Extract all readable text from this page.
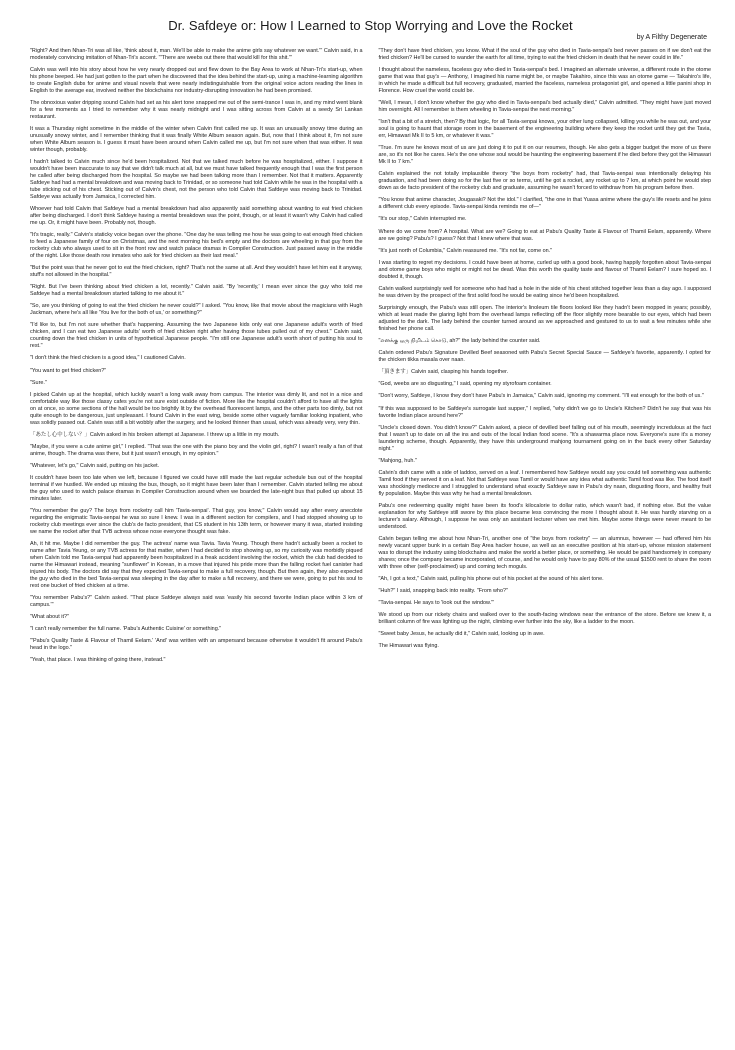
Dr. Safdeye or: How I Learned to Stop Worrying and Love the Rocket
by A Filthy Degenerate

"Right? And then Nhan-Tri was all like, 'think about it, man. We'll be able to make the anime girls say whatever we want.'" Calvin said, in a moderately convincing imitation of Nhan-Tri's accent. "'There are weebs out there that would kill for this shit.'"

Calvin was well into his story about how he very nearly dropped out and flew down to the Bay Area to work at Nhan-Tri's start-up, when his phone beeped. He had just gotten to the part when he discovered that the idea behind the start-up, using a machine-learning algorithm to create English dubs for anime and visual novels that were nearly indistinguishable from the original voice actors reading the lines in English to the average ear, involved neither the blockchains nor industry-disrupting innovation he had been promised.

The obnoxious water dripping sound Calvin had set as his alert tone snapped me out of the semi-trance I was in, and my mind went blank for a few moments as I tried to remember why it was nearly midnight and I was sitting across from Calvin at a seedy Sri Lankan restaurant.

It was a Thursday night sometime in the middle of the winter when Calvin first called me up. It was an unusually snowy time during an unusually snowy winter, and I remember thinking that it was finally White Album season again. But, now that I think about it, I'm not sure when White Album season is. I guess it must have been around when Calvin called me up, but I'm not sure when that was either. It was winter though, probably.

I hadn't talked to Calvin much since he'd been hospitalized. Not that we talked much before he was hospitalized, either. I suppose it wouldn't have been inaccurate to say that we didn't talk much at all, but we must have talked frequently enough that I was the first person he called after being discharged from the hospital. So maybe we had been talking more than I remember. Not that it matters. Apparently Safdeye had had a mental breakdown and was moving back to Trinidad, or so someone had told Calvin while he was in the hospital with a tube sticking out of his chest. Sticking out of Calvin's chest, not the person who told Calvin that Safdeye was moving back to Trinidad. Safdeye was actually from Jamaica, I corrected him.

Whoever had told Calvin that Safdeye had a mental breakdown had also apparently said something about wanting to eat fried chicken after being discharged. I don't think Safdeye having a mental breakdown was the point, though, or at least it wasn't why Calvin had called me up. Or, it might have been. Probably not, though.

"It's tragic, really." Calvin's staticky voice began over the phone. "One day he was telling me how he was going to eat enough fried chicken to feed a Japanese family of four on Christmas, and the next morning his bed's empty and the doctors are wheeling in that guy from the rocketry club who always used to sit in the front row and watch palace dramas in Compiler Construction. Just passed away in the middle of the night. Like those death row inmates who ask for fried chicken as their last meal."

"But the point was that he never got to eat the fried chicken, right? That's not the same at all. And they wouldn't have let him eat it anyway, stuff's not allowed in the hospital."

"Right. But I've been thinking about fried chicken a lot, recently." Calvin said. "By 'recently,' I mean ever since the guy who told me Safdeye had a mental breakdown started talking to me about it."

"So, are you thinking of going to eat the fried chicken he never could?" I asked. "You know, like that movie about the magicians with Hugh Jackman, where he's all like 'You live for the both of us,' or something?"

"I'd like to, but I'm not sure whether that's happening. Assuming the two Japanese kids only eat one Japanese adult's worth of fried chicken, and I can eat two Japanese adults' worth of fried chicken right after having those tubes pulled out of my chest." Calvin said, counting down the fried chicken in units of hypothetical Japanese people. "I'm still one Japanese adult's worth short of putting his soul to rest."

"I don't think the fried chicken is a good idea," I cautioned Calvin.

"You want to get fried chicken?"

"Sure."

I picked Calvin up at the hospital, which luckily wasn't a long walk away from campus. The interior was dimly lit, and not in a nice and comfortable way like those classy cafes you're not sure exist outside of fiction. More like the hospital couldn't afford to have all the lights on at once, so some sections of the hall would be too brightly lit by the overhead fluorescent lamps, and the other parts too dimly, but not quite enough to be dangerous, just unpleasant. I found Calvin in the east wing, beside some other vaguely familiar looking inpatient, who was solidly passed out. Calvin was still a bit wobbly after the surgery, and he looked thinner than usual, which was already very, very thin.

「あたし心中しない？」Calvin asked in his broken attempt at Japanese. I threw up a little in my mouth.

"Maybe, if you were a cute anime girl," I replied. "That was the one with the piano boy and the violin girl, right? I wasn't really a fan of that anime, though. The drama was there, but it just wasn't enough, in my opinion."

"Whatever, let's go," Calvin said, putting on his jacket.

It couldn't have been too late when we left, because I figured we could have still made the last regular schedule bus out of the hospital terminal if we hustled. We ended up missing the bus, though, so it might have been later than I remember. Calvin started telling me about the guy who used to watch palace dramas in Compiler Construction around when we boarded the late-night bus that pulled up about 15 minutes later.

"You remember the guy? The boys from rocketry call him 'Tavia-senpai'. That guy, you know," Calvin would say after every anecdote regarding the enigmatic Tavia-senpai he was so sure I knew. I was in a different section for compilers, and I had stopped showing up to rocketry club meetings ever since the club's de facto president, that CS student in his 13th term, or however many it was, started insisting we name the rocket after that TVB actress whose nose everyone thought was fake.

Ah, it hit me. Maybe I did remember the guy. The actress' name was Tavia. Tavia Yeung. Though there hadn't actually been a rocket to name after Tavia Yeung, or any TVB actress for that matter, when I had decided to stop showing up, so my curiosity was morbidly piqued when Calvin told me Tavia-senpai had apparently been hospitalized in a freak accident involving the rocket, which the club had decided to name the Himawari instead, meaning "sunflower" in Korean, in a move that injured his pride more than the falling rocket fuel canister had injured his body. The doctors did say that they expected Tavia-senpai to make a full recovery, though. But then again, they also expected the guy who died in the bed Tavia-senpai was sleeping in the day after to make a full recovery, and there we were, going to put his soul to rest one bucket of fried chicken at a time.

"You remember Pabu's?" Calvin asked. "That place Safdeye always said was 'easily his second favorite Indian place within 3 km of campus.'"

"What about it?"

"I can't really remember the full name. 'Pabu's Authentic Cuisine' or something."

"'Pabu's Quality Taste & Flavour of Thamil Eelam.' 'And' was written with an ampersand because otherwise it wouldn't fit around Pabu's head in the logo."

"Yeah, that place. I was thinking of going there, instead."

"They don't have fried chicken, you know. What if the soul of the guy who died in Tavia-senpai's bed never passes on if we don't eat the fried chicken? He'll be cursed to wander the earth for all time, trying to eat the fried chicken in death that he never could in life."

I thought about the nameless, faceless guy who died in Tavia-senpai's bed. I imagined an alternate universe, a different route in the otome game that was that guy's — Anthony, I imagined his name might be, or maybe Takahiro, since this was an otome game — Takahiro's life, in which he made a difficult but full recovery, graduated, married the faceless, nameless protagonist girl, and opened a little panini shop in Florence. How cruel the world could be.

"Well, I mean, I don't know whether the guy who died in Tavia-senpai's bed actually died," Calvin admitted. "They might have just moved him overnight. All I remember is them wheeling in Tavia-senpai the next morning."

"Isn't that a bit of a stretch, then? By that logic, for all Tavia-senpai knows, your other lung collapsed, killing you while he was out, and your soul is going to haunt that storage room in the basement of the engineering building where they keep the rocket until they get the Tavia, err, Himawari Mk II to 5 km, or whatever it was."

"True. I'm sure he knows most of us are just doing it to put it on our resumes, though. He also gets a bigger budget the more of us there are, so it's not like he cares. He's the one whose soul would be haunting the engineering basement if he died before they got the Himawari Mk II to 7 km."

Calvin explained the not totally implausible theory "the boys from rocketry" had, that Tavia-senpai was intentionally delaying his graduation, and had been doing so for the last five or so terms, until he got a rocket, any rocket up to 7 km, at which point he would step down as de facto president of the rocketry club and graduate, assuming he wasn't forced to withdraw from his program before then.

"You know that anime character, Jougasaki? Not the idol." I clarified, "the one in that Yuasa anime where the guy's life resets and he joins a different club every episode. Tavia-senpai kinda reminds me of—"

"It's our stop," Calvin interrupted me.

Where do we come from? A hospital. What are we? Going to eat at Pabu's Quality Taste & Flavour of Thamil Eelam, apparently. Where are we going? Pabu's? I guess? Not that I knew where that was.

"It's just north of Columbia," Calvin reassured me. "It's not far, come on."

I was starting to regret my decisions. I could have been at home, curled up with a good book, having happily forgotten about Tavia-senpai and otome game boys who might or might not be dead. Was this worth the quality taste and flavour of Thamil Eelam? I sure hoped so. I doubted it, though.

Calvin walked surprisingly well for someone who had had a hole in the side of his chest stitched together less than a day ago. I supposed he was driven by the prospect of the first solid food he would be eating since he'd been hospitalized.

Surprisingly enough, the Pabu's was still open. The interior's linoleum tile floors looked like they hadn't been mopped in years; possibly, which at least made the glaring light from the overhead lamps reflecting off the floor slightly more bearable to our eyes, which had been adjusted to the dark. The lady behind the counter turned around as we approached and gestured to us to wait a few minutes while she finished her phone call.

"எனக்கு ஒரு நிமிடம் கொடு, ah?" the lady behind the counter said.

Calvin ordered Pabu's Signature Devilled Beef seasoned with Pabu's Secret Special Sauce — Safdeye's favorite, apparently. I opted for the chicken tikka masala over naan.

「頂きます」Calvin said, clasping his hands together.

"God, weebs are so disgusting," I said, opening my styrofoam container.

"Don't worry, Safdeye, I know they don't have Pabu's in Jamaica," Calvin said, ignoring my comment. "I'll eat enough for the both of us."

"If this was supposed to be Safdeye's surrogate last supper," I replied, "why didn't we go to Uncle's Kitchen? Didn't he say that was his favorite Indian place around here?"

"Uncle's closed down. You didn't know?" Calvin asked, a piece of devilled beef falling out of his mouth, seemingly incredulous at the fact that I wasn't up to date on all the ins and outs of the local Indian food scene. "It's a shawarma place now. Everyone's sure it's a money laundering scheme, though. Apparently, they have this underground mahjong tournament going on in the back every other Saturday night."

"Mahjong, huh."

Calvin's dish came with a side of laddoo, served on a leaf. I remembered how Safdeye would say you could tell something was authentic Tamil food if they served it on a leaf. Not that Safdeye was Tamil or would have any idea what authentic Tamil food was like. The food itself was shockingly mediocre and I struggled to understand what exactly Safdeye saw in Pabu's dry naan, disgusting floors, and healthy fruit fly population. Maybe this was why he had a mental breakdown.

Pabu's one redeeming quality might have been its food's kilocalorie to dollar ratio, which wasn't bad, if nothing else. But the value explanation for why Safdeye still swore by this place became less convincing the more I thought about it. He was hardly starving on a lecturer's salary. Although, I suppose he was only an assistant lecturer when we met him. Maybe some things were never meant to be understood.

Calvin began telling me about how Nhan-Tri, another one of "the boys from rocketry" — an alumnus, however — had offered him his newly vacant upper bunk in a certain Bay Area hacker house, as well as an executive position at his start-up, whose mission statement was to disrupt the industry using blockchains and make the world a better place, or something. He would be paid handsomely in company shares; once the company became incorporated, of course, and he would only have to pay 80% of the usual $1500 rent to share the room with three other (self-proclaimed) up and coming tech moguls.

"Ah, I got a text," Calvin said, pulling his phone out of his pocket at the sound of his alert tone.

"Huh?" I said, snapping back into reality. "From who?"

"Tavia-senpai. He says to 'look out the window.'"

We stood up from our rickety chairs and walked over to the south-facing windows near the entrance of the store. Before we knew it, a brilliant column of fire was lighting up the night, climbing ever further into the sky, like a ladder to the moon.

"Sweet baby Jesus, he actually did it," Calvin said, looking up in awe.

The Himawari was flying.
